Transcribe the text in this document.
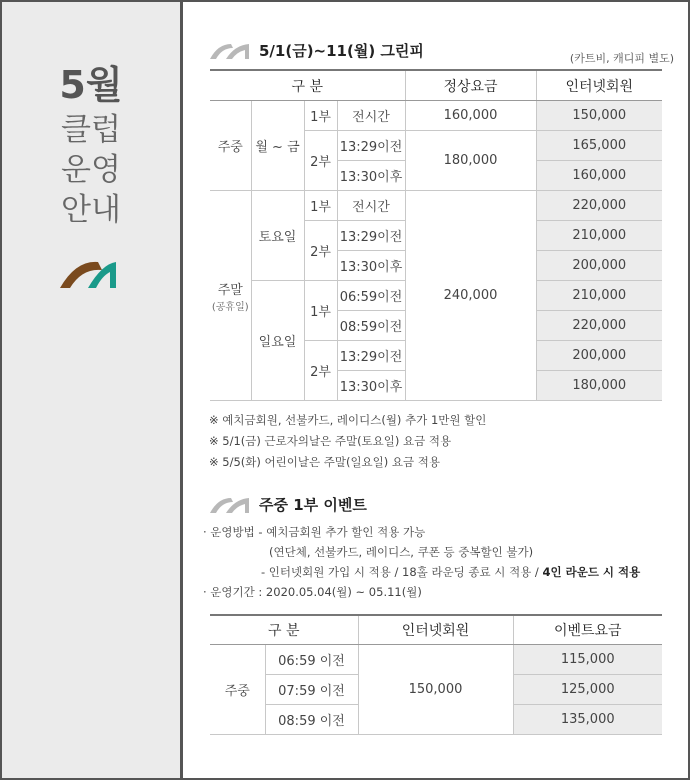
5월
클럽
운영
안내
5/1(금)~11(월) 그린피	(카트비, 캐디피 별도)
구 분				정상요금	인터넷회원
주중	월 ~ 금	1부	전시간	160,000	150,000
		2부	13:29이전	180,000	165,000
			13:30이후		160,000

주말
(공휴일)	토요일	1부	전시간	240,000	220,000
		2부	13:29이전		210,000
			13:30이후		200,000
	일요일	1부	06:59이전		210,000
			08:59이전		220,000
		2부	13:29이전		200,000
			13:30이후		180,000
※ 예치금회원, 선불카드, 레이디스(월) 추가 1만원 할인
※ 5/1(금) 근로자의날은 주말(토요일) 요금 적용
※ 5/5(화) 어린이날은 주말(일요일) 요금 적용
주중 1부 이벤트
· 운영방법 - 예치금회원 추가 할인 적용 가능
(연단체, 선불카드, 레이디스, 쿠폰 등 중복할인 불가)
- 인터넷회원 가입 시 적용 / 18홀 라운딩 종료 시 적용 / 4인 라운드 시 적용
· 운영기간 : 2020.05.04(월) ~ 05.11(월)
구 분		인터넷회원	이벤트요금
주중	06:59 이전	150,000	115,000
	07:59 이전		125,000
	08:59 이전		135,000
